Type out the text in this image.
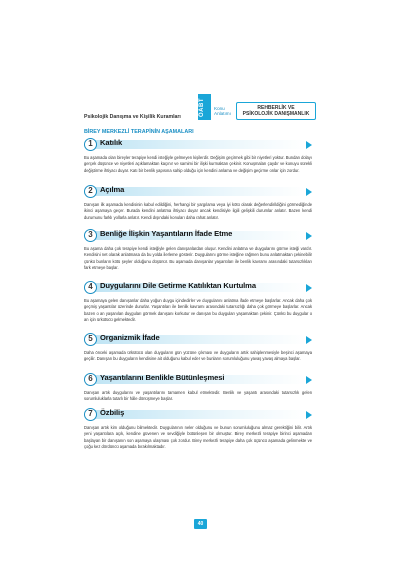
Psikolojik Danışma ve Kişilik Kuramları	ÖABT Konu
Anlatımı
REHBERLİK VE
PSİKOLOJİK DANIŞMANLIK
BİREY MERKEZLİ TERAPİNİN AŞAMALARI
1 Katılık
Bu aşamada olan bireyler terapiye kendi isteğiyle gelmeyen kişilerdir. Değişim geçirmek gibi bir niyetleri yoktur. Bundan dolayı gerçek düşünce ve niyetleri açıklamaktan kaçınır ve samimi bir ilişki kurmaktan çekinir. Konuşmaları çaydır ve konuyu sürekli değiştirme ihtiyacı duyar. Katı bir benlik yapısına sahip olduğu için kendini anlama ve değişim geçirme onlar için zordur.
2 Açılma
Danışan ilk aşamada kendisinin kabul edildiğini, herhangi bir yargılama veya iyi kötü olarak değerlendirildiğini görmediğinde ikinci aşamaya geçer. Burada kendini anlatma ihtiyacı duyar ancak kendisiyle ilgili gelişkili durumlar anlatır. Bazen kendi durumunu farklı yollarla anlatır. Kendi dışındaki konuları daha rahat anlatır.
3 Benliğe İlişkin Yaşantıların İfade Etme
Bu aşama daha çok terapiye kendi isteğiyle gelen danışanlardan oluşur. Kendini anlatma ve duygularını görme isteği vardır. Kendisini net olarak anlatmasa da bu yolda ilerleme gösterir. Duygularını görme isteğine rağmen bunu anlatmaktan çekinebilir çünkü bunların kötü şeyler olduğunu düşünür. Bu aşamada danışanlar yaşantıları ile benlik kavramı arasındaki tutarsızlıkları fark etmeye başlar.
4 Duygularını Dile Getirme Katılıktan Kurtulma
Bu aşamaya gelen danışanlar daha yoğun duygu içindedirler ve duygularını anlatma ifade etmeye başlarlar. Ancak daha çok geçmiş yaşantılar üzerinde dururlar. Yaşantıları ile benlik kavramı arasındaki tutarsızlığı daha çok görmeye başlarlar. Ancak bazen o an yaşanılan duyguları görmek danışanı korkutur ve danışan bu duyguları yaşamaktan çekinir. Çünkü bu duygular o an için ürkütücü gelmektedir.
5 Organizmik İfade
Daha önceki aşamada ürkütücü olan duyguların gün yüzüne çıkması ve duyguların artık sahiplenmesiyle beşinci aşamaya geçilir. Danışan bu duyguların kendisine ait olduğunu kabul eder ve bunların sorumluluğunu yavaş yavaş almaya başlar.
6 Yaşantılarını Benlikle Bütünleşmesi
Danışan artık duygularını ve yaşantılarını tamamen kabul etmektedir. Benlik ve yaşantı arasındaki tutarsızlık gelen sorumluluklarla tutarlı bir hâle dönüşmeye başlar.
7 Özbiliş
Danışan artık kim olduğunu bilmektedir. Duygularının neler olduğunu ve bunun sorumluluğunu almaz gerektiğini bilir. Artık yeni yaşantılara açık, kendine güvenen ve sevdiğiyle bütünleşen bir olmuştur. Birey merkezli terapiye birinci aşamadan başlayan bir danışanın son aşamaya ulaşması çok zordur. Birey merkezli terapiye daha çok üçüncü aşamada gelinmekte ve çoğu kez dördüncü aşamada bırakılmaktadır.
40
